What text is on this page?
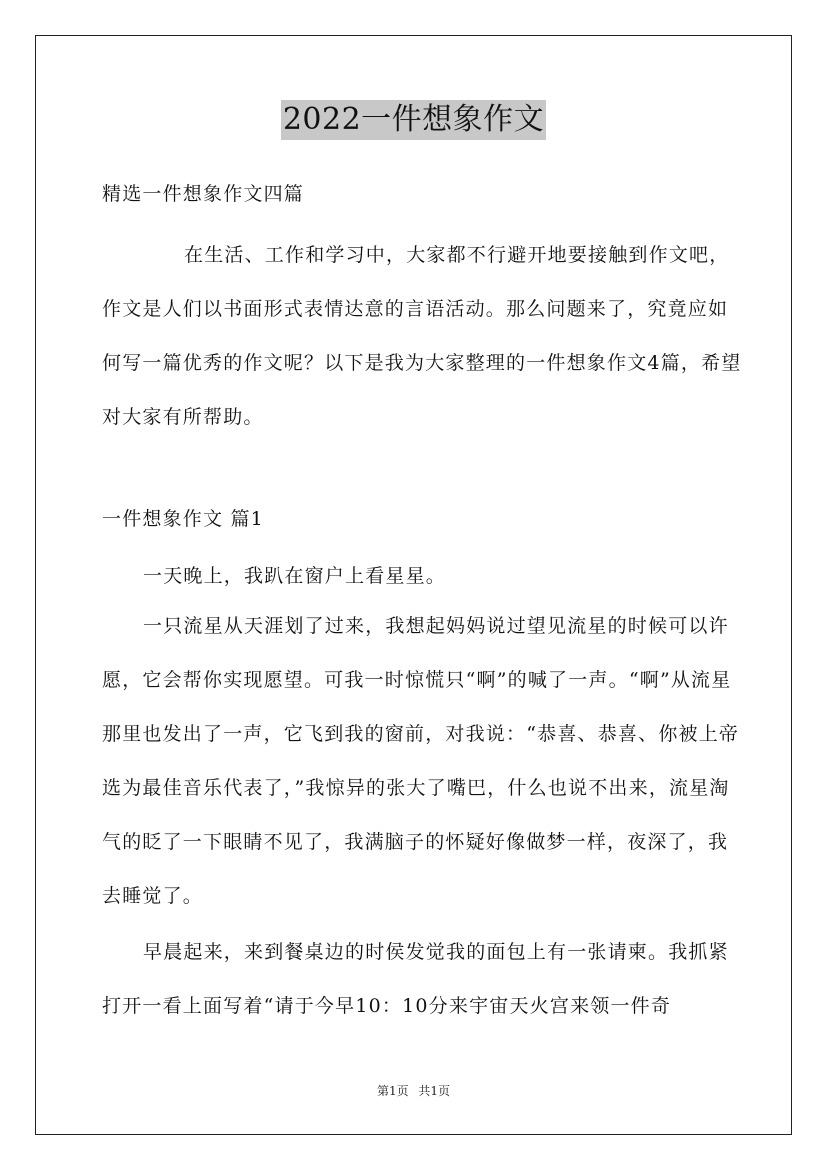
2022一件想象作文

精选一件想象作文四篇

在生活、工作和学习中，大家都不行避开地要接触到作文吧，作文是人们以书面形式表情达意的言语活动。那么问题来了，究竟应如何写一篇优秀的作文呢？以下是我为大家整理的一件想象作文4篇，希望对大家有所帮助。

一件想象作文 篇1

一天晚上，我趴在窗户上看星星。

一只流星从天涯划了过来，我想起妈妈说过望见流星的时候可以许愿，它会帮你实现愿望。可我一时惊慌只“啊”的喊了一声。“啊”从流星那里也发出了一声，它飞到我的窗前，对我说：“恭喜、恭喜、你被上帝选为最佳音乐代表了，”我惊异的张大了嘴巴，什么也说不出来，流星淘气的眨了一下眼睛不见了，我满脑子的怀疑好像做梦一样，夜深了，我去睡觉了。

早晨起来，来到餐桌边的时侯发觉我的面包上有一张请柬。我抓紧打开一看上面写着“请于今早10：10分来宇宙天火宫来领一件奇

第1页 共1页
